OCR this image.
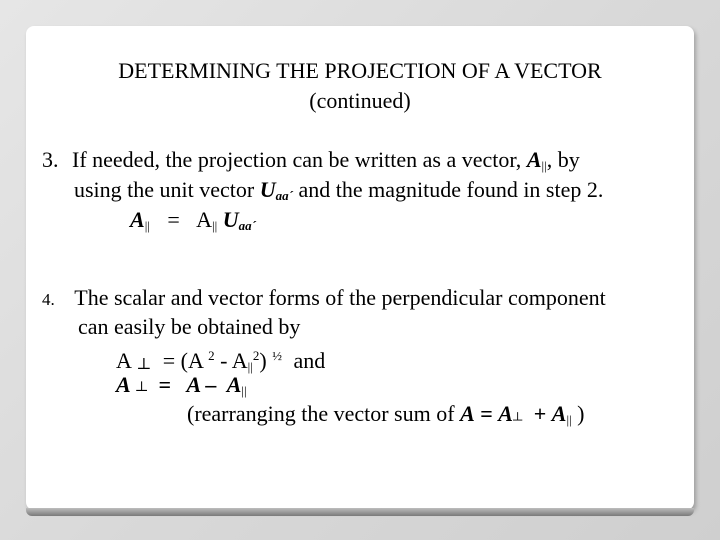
DETERMINING THE PROJECTION OF A VECTOR
(continued)
3. If needed, the projection can be written as a vector, $A_{||}$, by
using the unit vector $U_{aa´}$ and the magnitude found in step 2.
$A_{||} = A_{||}$ $U_{aa´}$
4. The scalar and vector forms of the perpendicular component
can easily be obtained by
A $_\perp$ = (A $^2 - A_{||}^2$) $^{\frac{1}{2}}$ and
A $_┴ = A - A_{||}$
(rearranging the vector sum of $A = A_┴ + A_{||}$ )
